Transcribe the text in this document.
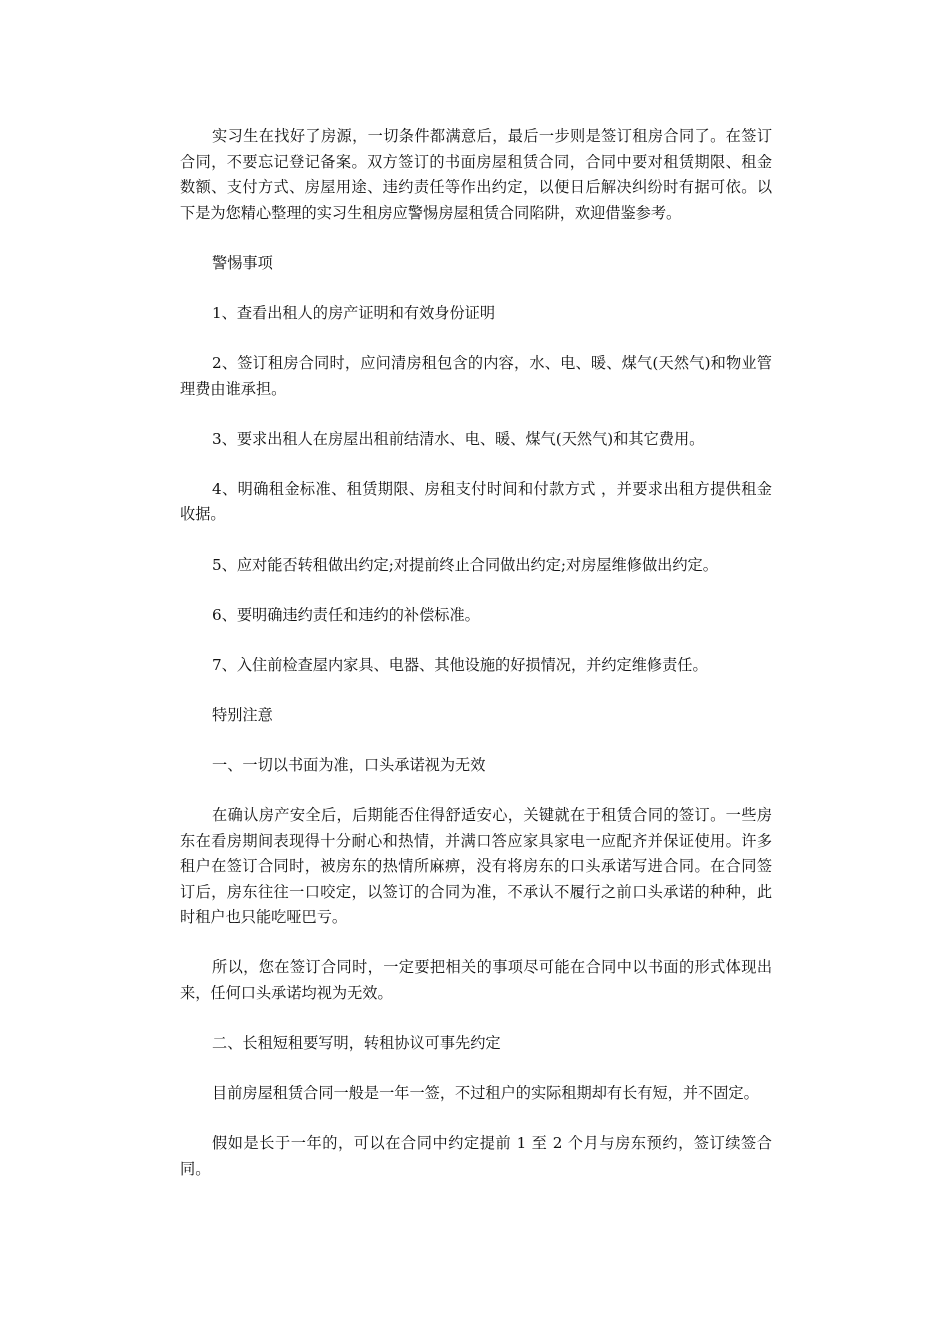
实习生在找好了房源，一切条件都满意后，最后一步则是签订租房合同了。在签订合同，不要忘记登记备案。双方签订的书面房屋租赁合同，合同中要对租赁期限、租金数额、支付方式、房屋用途、违约责任等作出约定，以便日后解决纠纷时有据可依。以下是为您精心整理的实习生租房应警惕房屋租赁合同陷阱，欢迎借鉴参考。

警惕事项

1、查看出租人的房产证明和有效身份证明

2、签订租房合同时，应问清房租包含的内容，水、电、暖、煤气(天然气)和物业管理费由谁承担。

3、要求出租人在房屋出租前结清水、电、暖、煤气(天然气)和其它费用。

4、明确租金标准、租赁期限、房租支付时间和付款方式 ，并要求出租方提供租金收据。

5、应对能否转租做出约定;对提前终止合同做出约定;对房屋维修做出约定。

6、要明确违约责任和违约的补偿标准。

7、入住前检查屋内家具、电器、其他设施的好损情况，并约定维修责任。

特别注意

一、一切以书面为准，口头承诺视为无效

在确认房产安全后，后期能否住得舒适安心，关键就在于租赁合同的签订。一些房东在看房期间表现得十分耐心和热情，并满口答应家具家电一应配齐并保证使用。许多租户在签订合同时，被房东的热情所麻痹，没有将房东的口头承诺写进合同。在合同签订后，房东往往一口咬定，以签订的合同为准，不承认不履行之前口头承诺的种种，此时租户也只能吃哑巴亏。

所以，您在签订合同时，一定要把相关的事项尽可能在合同中以书面的形式体现出来，任何口头承诺均视为无效。

二、长租短租要写明，转租协议可事先约定

目前房屋租赁合同一般是一年一签，不过租户的实际租期却有长有短，并不固定。

假如是长于一年的，可以在合同中约定提前 1 至 2 个月与房东预约，签订续签合同。
